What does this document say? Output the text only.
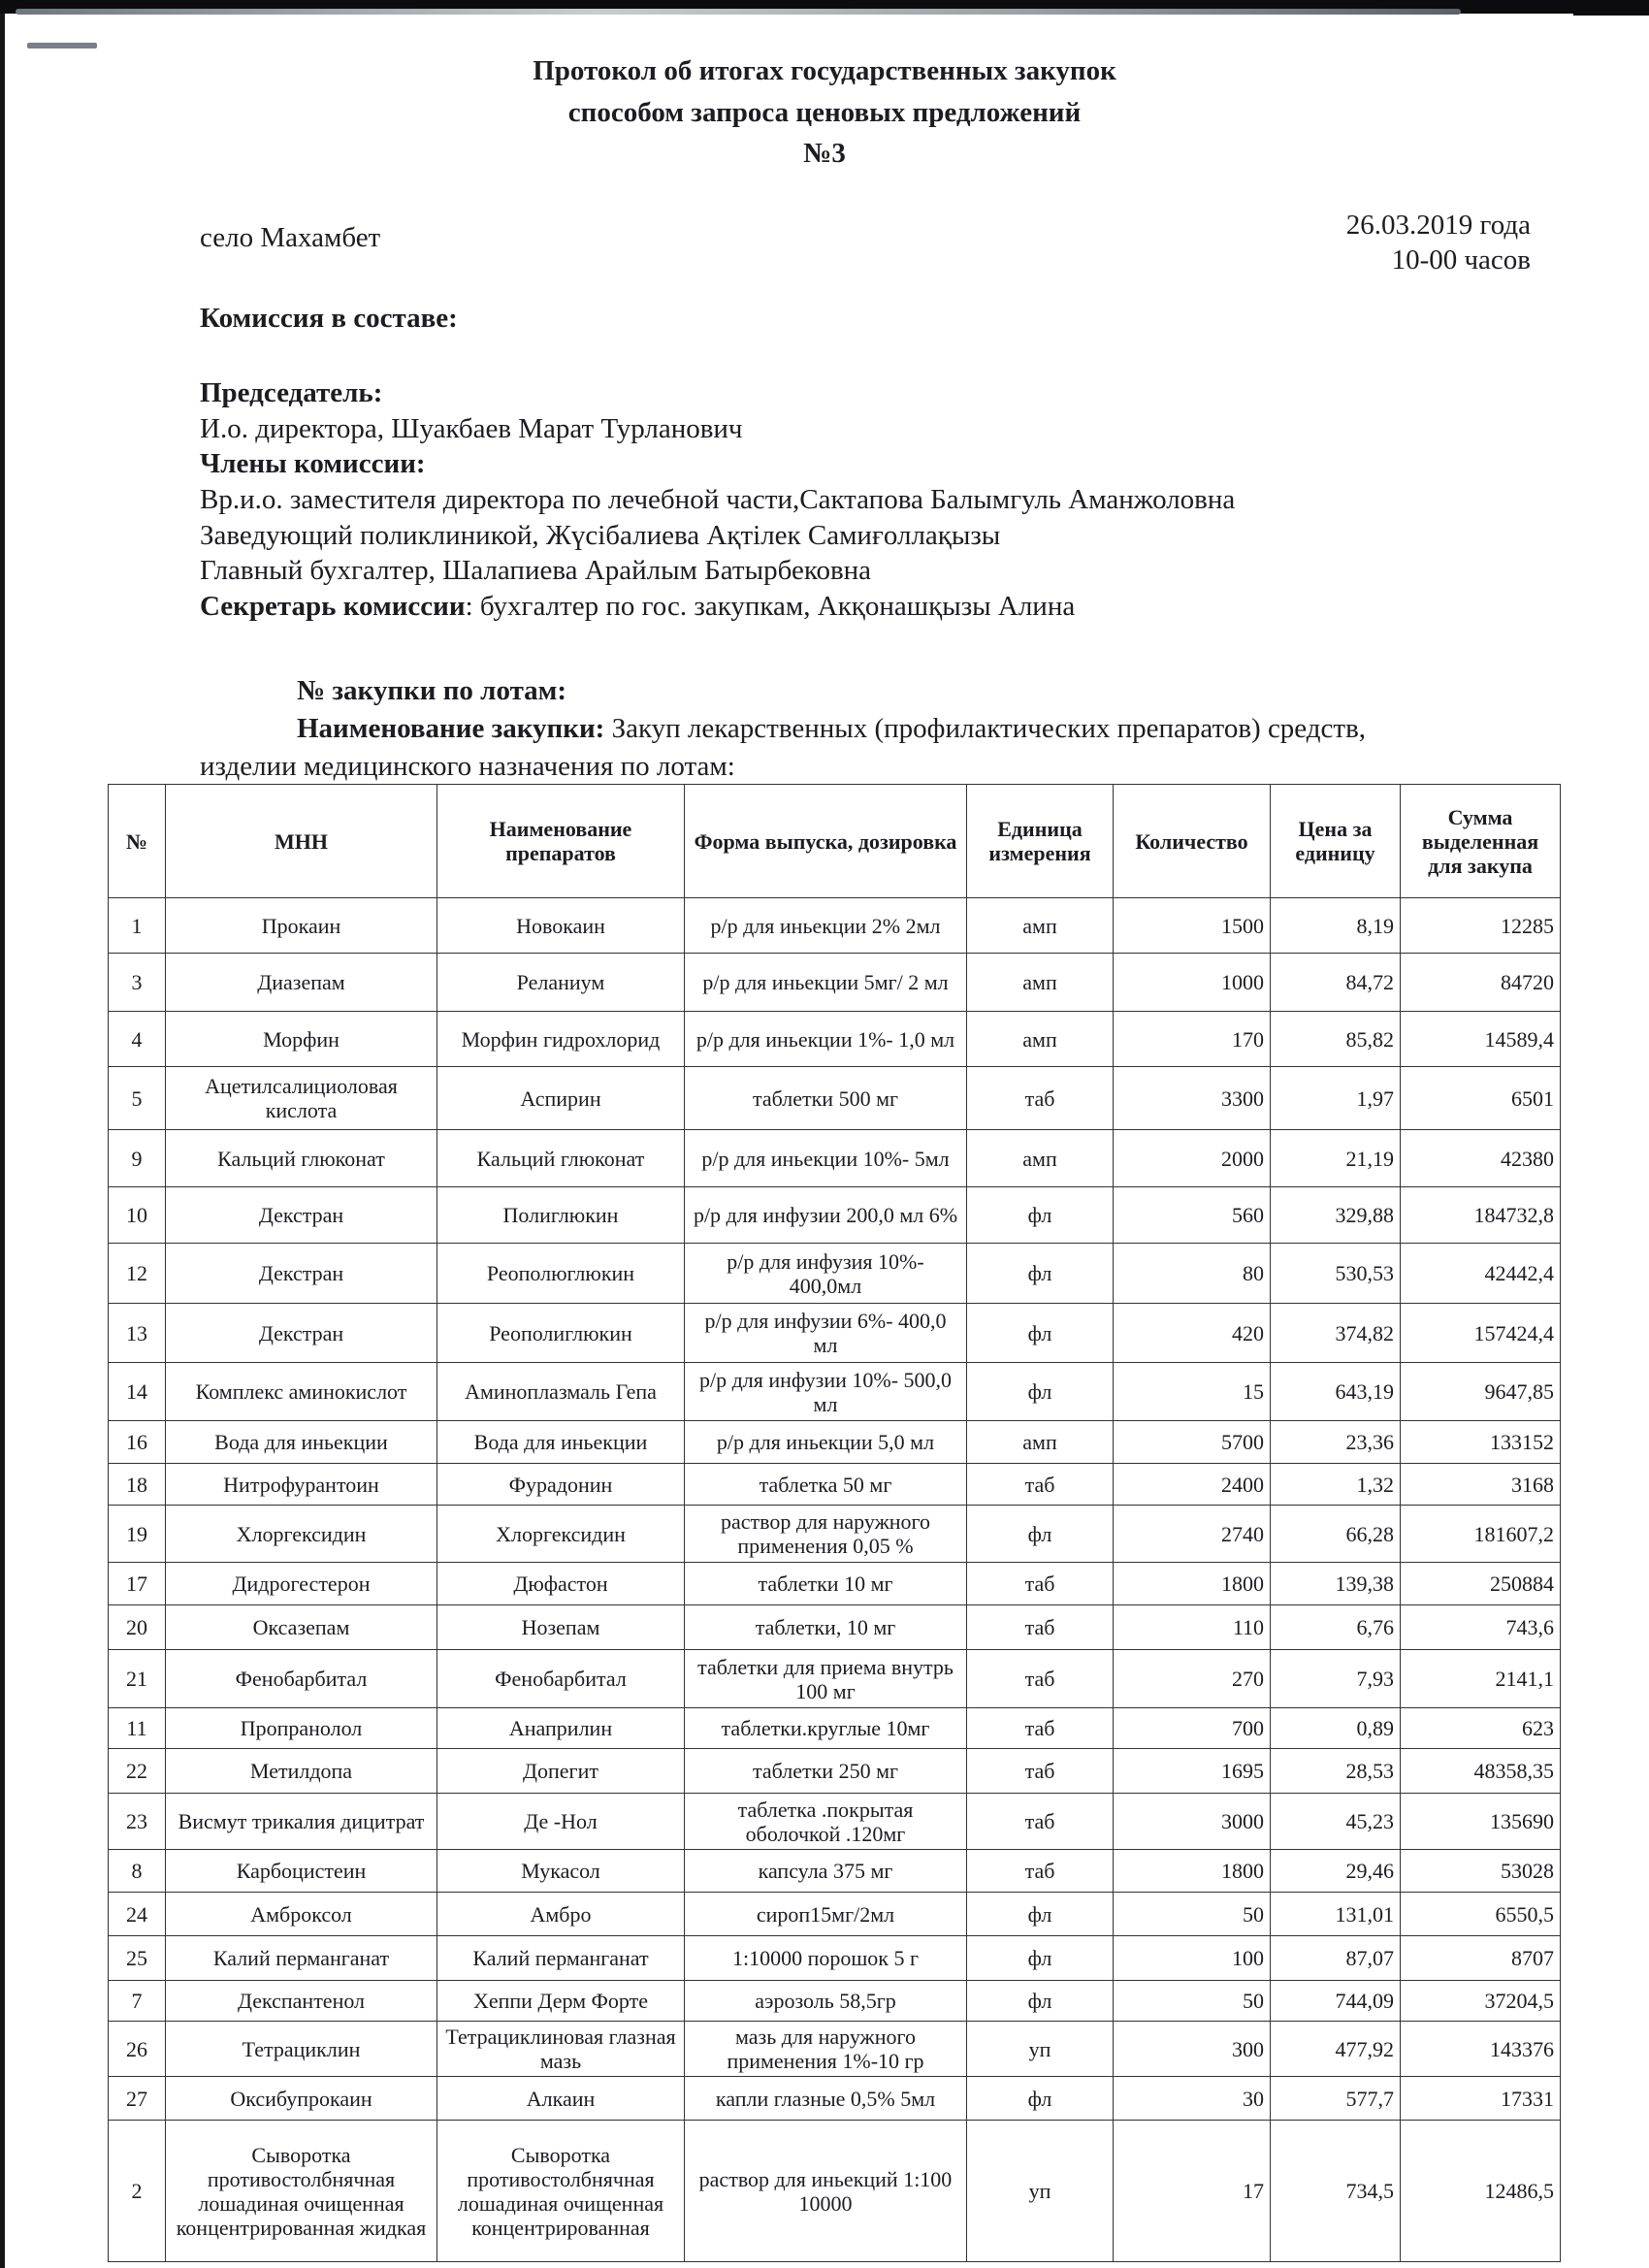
Протокол об итогах государственных закупок
способом запроса ценовых предложений
№3
село Махамбет	26.03.2019 года
10-00 часов
Комиссия в составе:
Председатель:
И.о. директора, Шуакбаев Марат Турланович
Члены комиссии:
Вр.и.о. заместителя директора по лечебной части,Сактапова Балымгуль Аманжоловна
Заведующий поликлиникой, Жүсібалиева Ақтілек Самиғоллақызы
Главный бухгалтер, Шалапиева Арайлым Батырбековна
Секретарь комиссии: бухгалтер по гос. закупкам, Акқонашқызы Алина
№ закупки по лотам:
Наименование закупки: Закуп лекарственных (профилактических препаратов) средств,
изделии медицинского назначения по лотам:
№	МНН	Наименование препаратов	Форма выпуска, дозировка	Единица измерения	Количество	Цена за единицу	Сумма выделенная для закупа
1	Прокаин	Новокаин	р/р для иньекции 2% 2мл	амп	1500	8,19	12285
3	Диазепам	Реланиум	р/р для иньекции 5мг/ 2 мл	амп	1000	84,72	84720
4	Морфин	Морфин гидрохлорид	р/р для иньекции 1%- 1,0 мл	амп	170	85,82	14589,4
5	Ацетилсалициоловая кислота	Аспирин	таблетки 500 мг	таб	3300	1,97	6501
9	Кальций глюконат	Кальций глюконат	р/р для иньекции 10%- 5мл	амп	2000	21,19	42380
10	Декстран	Полиглюкин	р/р для инфузии 200,0 мл 6%	фл	560	329,88	184732,8
12	Декстран	Реополюглюкин	р/р для инфузия 10%- 400,0мл	фл	80	530,53	42442,4
13	Декстран	Реополиглюкин	р/р для инфузии 6%- 400,0 мл	фл	420	374,82	157424,4
14	Комплекс аминокислот	Аминоплазмаль Гепа	р/р для инфузии 10%- 500,0 мл	фл	15	643,19	9647,85
16	Вода для иньекции	Вода для иньекции	р/р для иньекции 5,0 мл	амп	5700	23,36	133152
18	Нитрофурантоин	Фурадонин	таблетка 50 мг	таб	2400	1,32	3168
19	Хлоргексидин	Хлоргексидин	раствор для наружного применения 0,05 %	фл	2740	66,28	181607,2
17	Дидрогестерон	Дюфастон	таблетки 10 мг	таб	1800	139,38	250884
20	Оксазепам	Нозепам	таблетки, 10 мг	таб	110	6,76	743,6
21	Фенобарбитал	Фенобарбитал	таблетки для приема внутрь 100 мг	таб	270	7,93	2141,1
11	Пропранолол	Анаприлин	таблетки.круглые 10мг	таб	700	0,89	623
22	Метилдопа	Допегит	таблетки 250 мг	таб	1695	28,53	48358,35
23	Висмут трикалия дицитрат	Де -Нол	таблетка .покрытая оболочкой .120мг	таб	3000	45,23	135690
8	Карбоцистеин	Мукасол	капсула 375 мг	таб	1800	29,46	53028
24	Амброксол	Амбро	сироп15мг/2мл	фл	50	131,01	6550,5
25	Калий перманганат	Калий перманганат	1:10000 порошок 5 г	фл	100	87,07	8707
7	Декспантенол	Хеппи Дерм Форте	аэрозоль 58,5гр	фл	50	744,09	37204,5
26	Тетрациклин	Тетрациклиновая глазная мазь	мазь для наружного применения 1%-10 гр	уп	300	477,92	143376
27	Оксибупрокаин	Алкаин	капли глазные 0,5% 5мл	фл	30	577,7	17331
2	Сыворотка противостолбнячная лошадиная очищенная концентрированная жидкая	Сыворотка противостолбнячная лошадиная очищенная концентрированная	раствор для иньекций 1:100 10000	уп	17	734,5	12486,5
